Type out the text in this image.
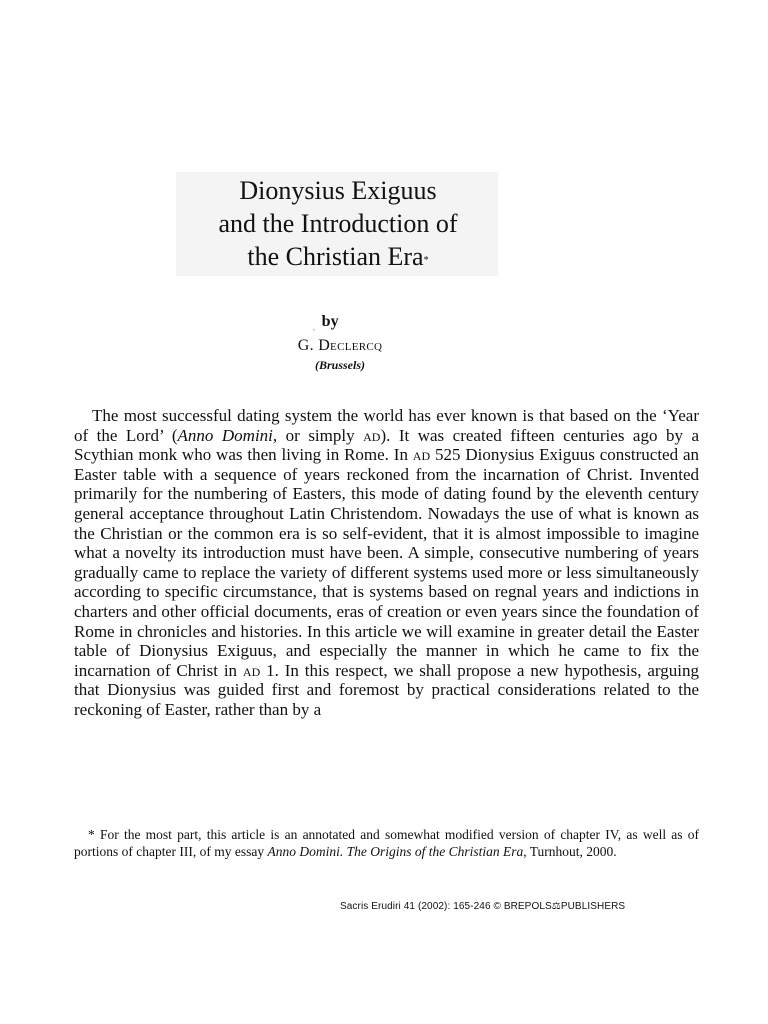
Dionysius Exiguus
and the Introduction of
the Christian Era*
˛ by
G. Declercq
(Brussels)

The most successful dating system the world has ever known is that based on the ‘Year of the Lord’ (Anno Domini, or simply ad). It was created fifteen centuries ago by a Scythian monk who was then living in Rome. In ad 525 Dionysius Exiguus constructed an Easter table with a sequence of years reckoned from the incarnation of Christ. Invented primarily for the numbering of Easters, this mode of dating found by the eleventh century general acceptance throughout Latin Christendom. Nowadays the use of what is known as the Christian or the common era is so self-evident, that it is almost impossible to imagine what a novelty its introduction must have been. A simple, consecutive numbering of years gradually came to replace the variety of different systems used more or less simultaneously according to specific circumstance, that is systems based on regnal years and indictions in charters and other official documents, eras of creation or even years since the foundation of Rome in chronicles and histories. In this article we will examine in greater detail the Easter table of Dionysius Exiguus, and especially the manner in which he came to fix the incarnation of Christ in ad 1. In this respect, we shall propose a new hypothesis, arguing that Dionysius was guided first and foremost by practical considerations related to the reckoning of Easter, rather than by a

* For the most part, this article is an annotated and somewhat modified version of chapter IV, as well as of portions of chapter III, of my essay Anno Domini. The Origins of the Christian Era, Turnhout, 2000.

Sacris Erudiri 41 (2002): 165-246 © BREPOLS⚖PUBLISHERS
